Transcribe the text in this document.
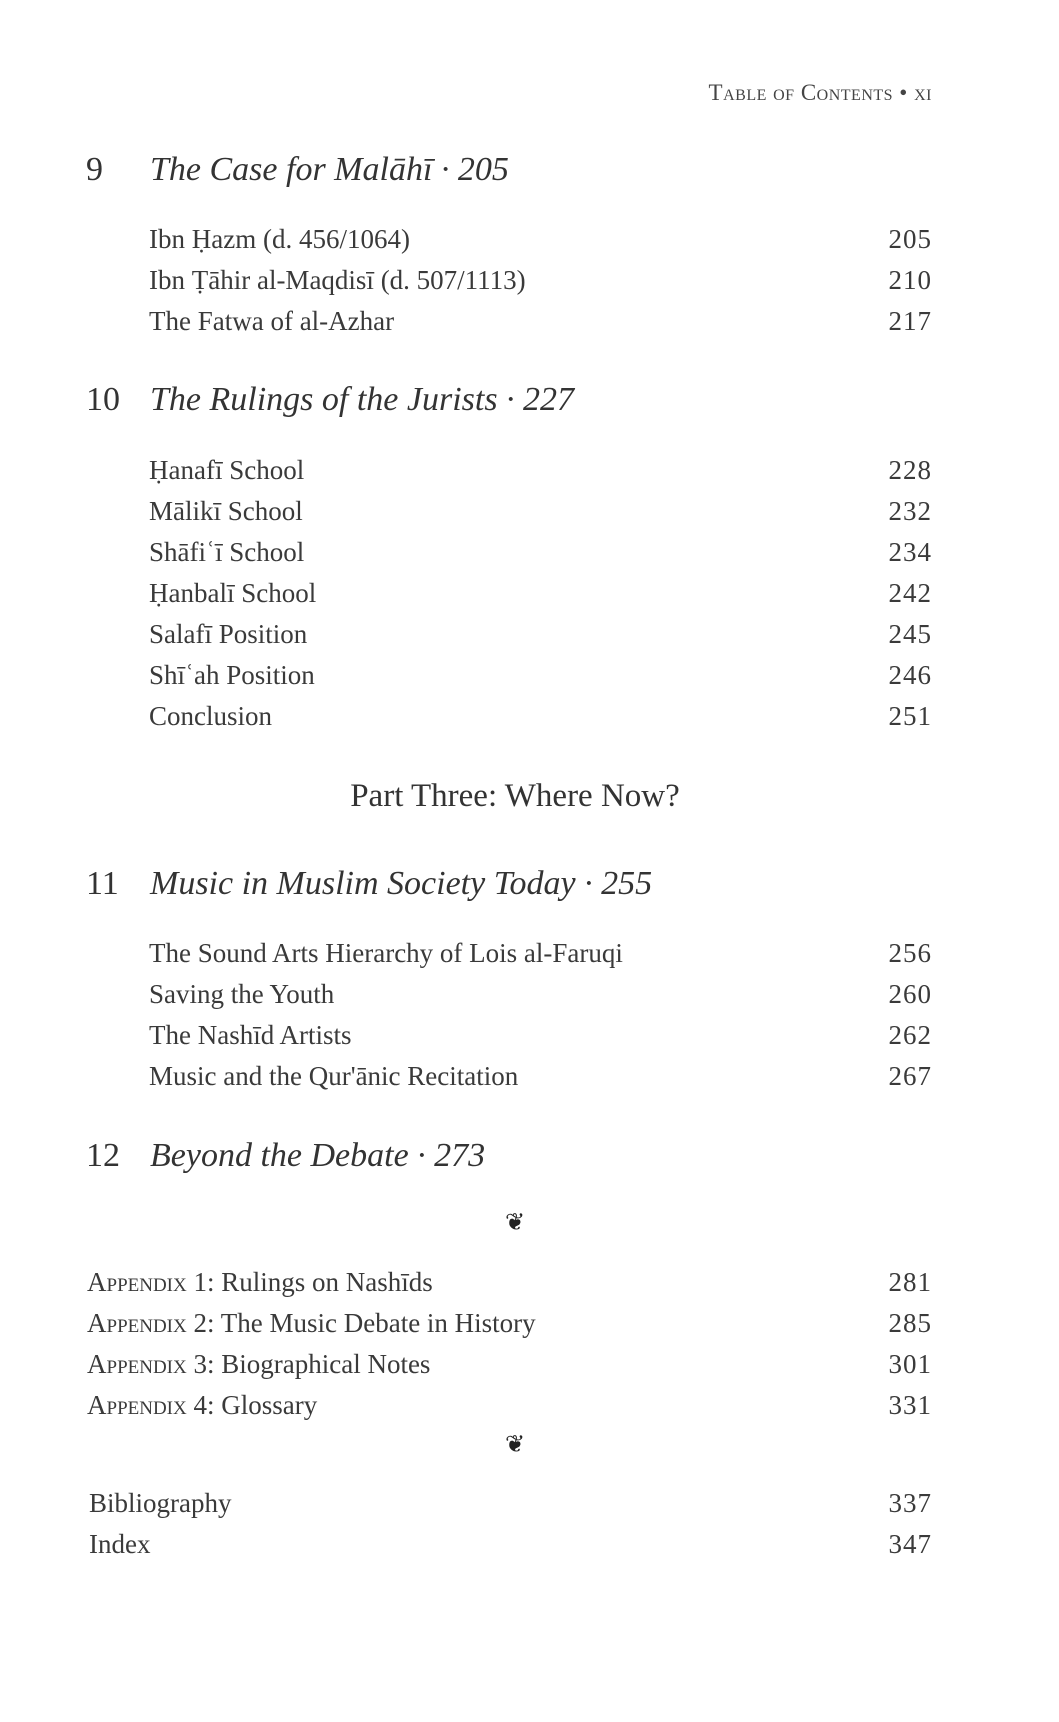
Table of Contents • xi
9 The Case for Malāhī · 205
Ibn Ḥazm (d. 456/1064)	205
Ibn Ṭāhir al-Maqdisī (d. 507/1113)	210
The Fatwa of al-Azhar	217
10 The Rulings of the Jurists · 227
Ḥanafī School	228
Mālikī School	232
Shāfiʿī School	234
Ḥanbalī School	242
Salafī Position	245
Shīʿah Position	246
Conclusion	251
Part Three: Where Now?
11 Music in Muslim Society Today · 255
The Sound Arts Hierarchy of Lois al-Faruqi	256
Saving the Youth	260
The Nashīd Artists	262
Music and the Qur'ānic Recitation	267
12 Beyond the Debate · 273
❦
Appendix 1: Rulings on Nashīds	281
Appendix 2: The Music Debate in History	285
Appendix 3: Biographical Notes	301
Appendix 4: Glossary	331
❦
Bibliography	337
Index	347
